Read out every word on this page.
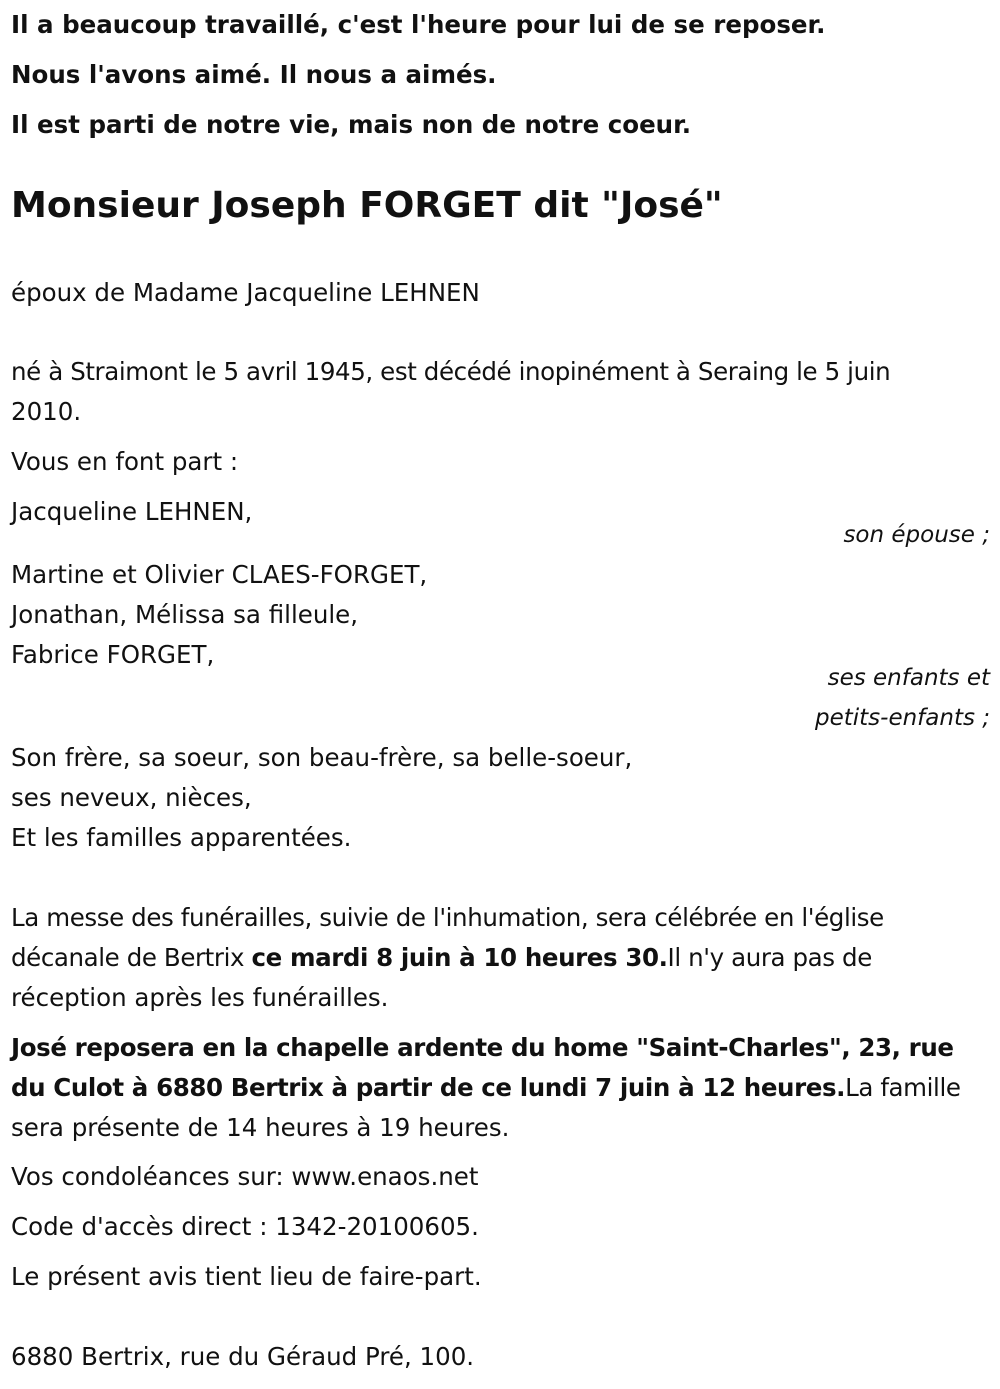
Il a beaucoup travaillé, c'est l'heure pour lui de se reposer.
Nous l'avons aimé. Il nous a aimés.
Il est parti de notre vie, mais non de notre coeur.
Monsieur Joseph FORGET dit "José"
époux de Madame Jacqueline LEHNEN
né à Straimont le 5 avril 1945, est décédé inopinément à Seraing le 5 juin
2010.
Vous en font part :
Jacqueline LEHNEN,
son épouse ;
Martine et Olivier CLAES-FORGET,
Jonathan, Mélissa sa filleule,
Fabrice FORGET,
ses enfants et
petits-enfants ;
Son frère, sa soeur, son beau-frère, sa belle-soeur,
ses neveux, nièces,
Et les familles apparentées.
La messe des funérailles, suivie de l'inhumation, sera célébrée en l'église
décanale de Bertrix ce mardi 8 juin à 10 heures 30.Il n'y aura pas de
réception après les funérailles.
José reposera en la chapelle ardente du home "Saint-Charles", 23, rue
du Culot à 6880 Bertrix à partir de ce lundi 7 juin à 12 heures.La famille
sera présente de 14 heures à 19 heures.
Vos condoléances sur: www.enaos.net
Code d'accès direct : 1342-20100605.
Le présent avis tient lieu de faire-part.
6880 Bertrix, rue du Géraud Pré, 100.
